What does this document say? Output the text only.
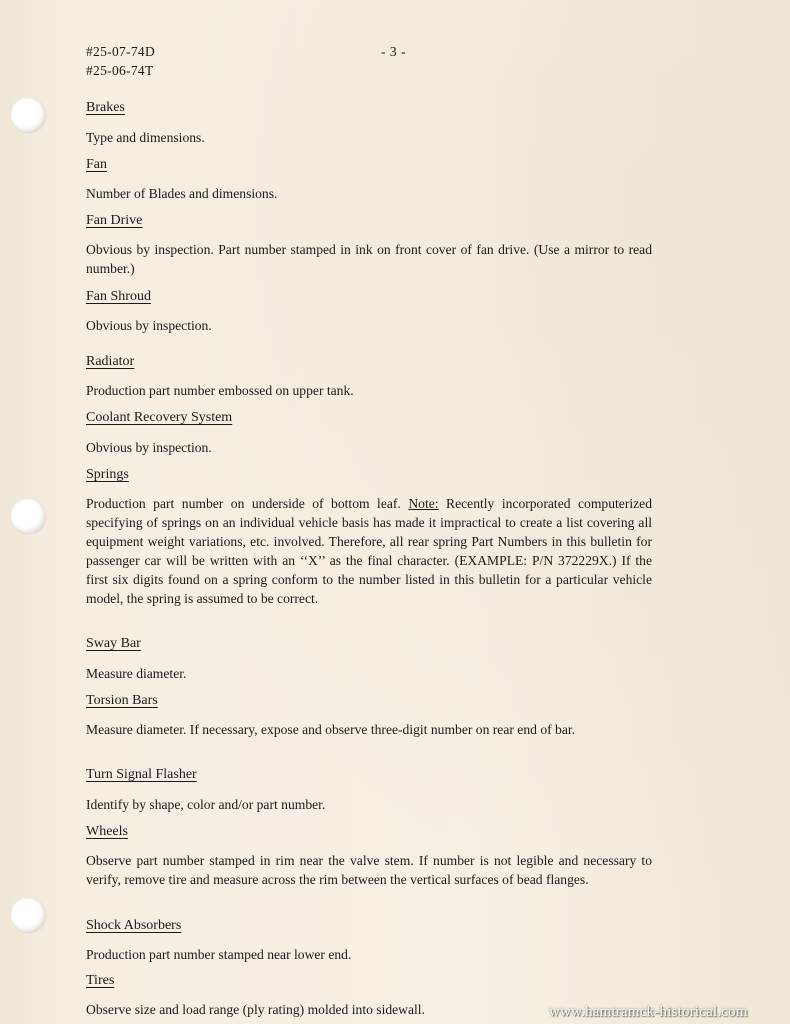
#25-07-74D
#25-06-74T
- 3 -
Brakes
Type and dimensions.
Fan
Number of Blades and dimensions.
Fan Drive
Obvious by inspection. Part number stamped in ink on front cover of fan drive. (Use a mirror to read number.)
Fan Shroud
Obvious by inspection.
Radiator
Production part number embossed on upper tank.
Coolant Recovery System
Obvious by inspection.
Springs
Production part number on underside of bottom leaf. Note: Recently incorporated computerized specifying of springs on an individual vehicle basis has made it impractical to create a list covering all equipment weight variations, etc. involved. Therefore, all rear spring Part Numbers in this bulletin for passenger car will be written with an ‘‘X’’ as the final character. (EXAMPLE: P/N 372229X.) If the first six digits found on a spring conform to the number listed in this bulletin for a particular vehicle model, the spring is assumed to be correct.
Sway Bar
Measure diameter.
Torsion Bars
Measure diameter. If necessary, expose and observe three-digit number on rear end of bar.
Turn Signal Flasher
Identify by shape, color and/or part number.
Wheels
Observe part number stamped in rim near the valve stem. If number is not legible and necessary to verify, remove tire and measure across the rim between the vertical surfaces of bead flanges.
Shock Absorbers
Production part number stamped near lower end.
Tires
Observe size and load range (ply rating) molded into sidewall.	www.hamtramck-historical.com
